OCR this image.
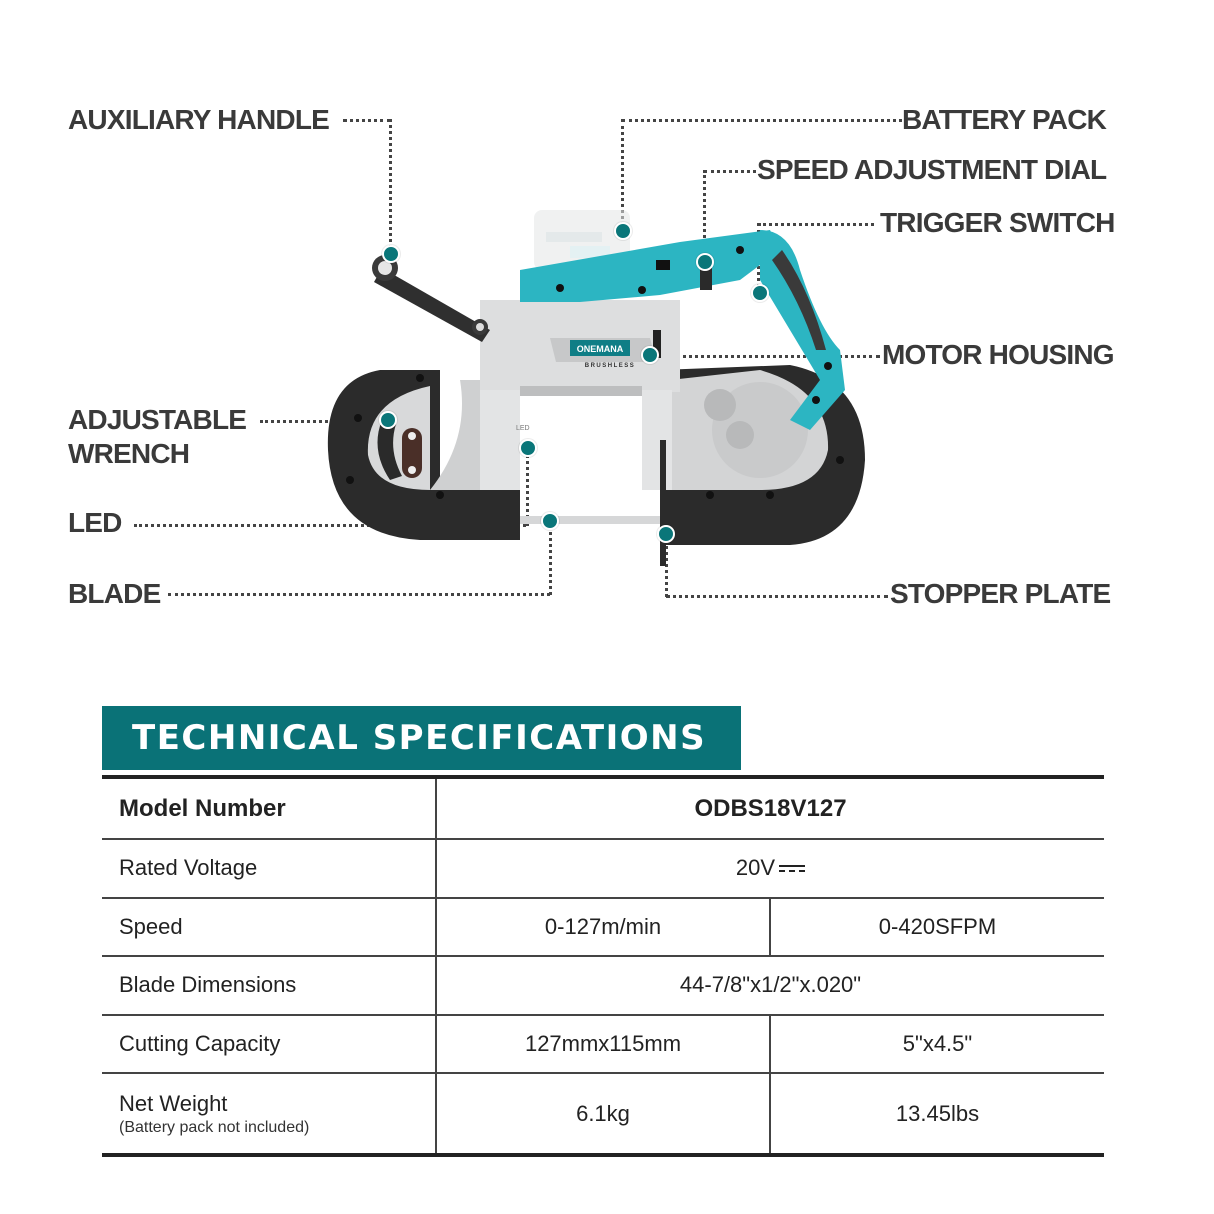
AUXILIARY HANDLE	BATTERY PACK
SPEED ADJUSTMENT DIAL
TRIGGER SWITCH
MOTOR HOUSING
ADJUSTABLE
WRENCH
LED
BLADE	STOPPER PLATE
ONEMANA
BRUSHLESS
LED
TECHNICAL SPECIFICATIONS
Model Number	ODBS18V127	
Rated Voltage	20V	
Speed	0-127m/min	0-420SFPM
Blade Dimensions	44-7/8"x1/2"x.020"	
Cutting Capacity	127mmx115mm	5"x4.5"
Net Weight
(Battery pack not included)	6.1kg	13.45lbs
